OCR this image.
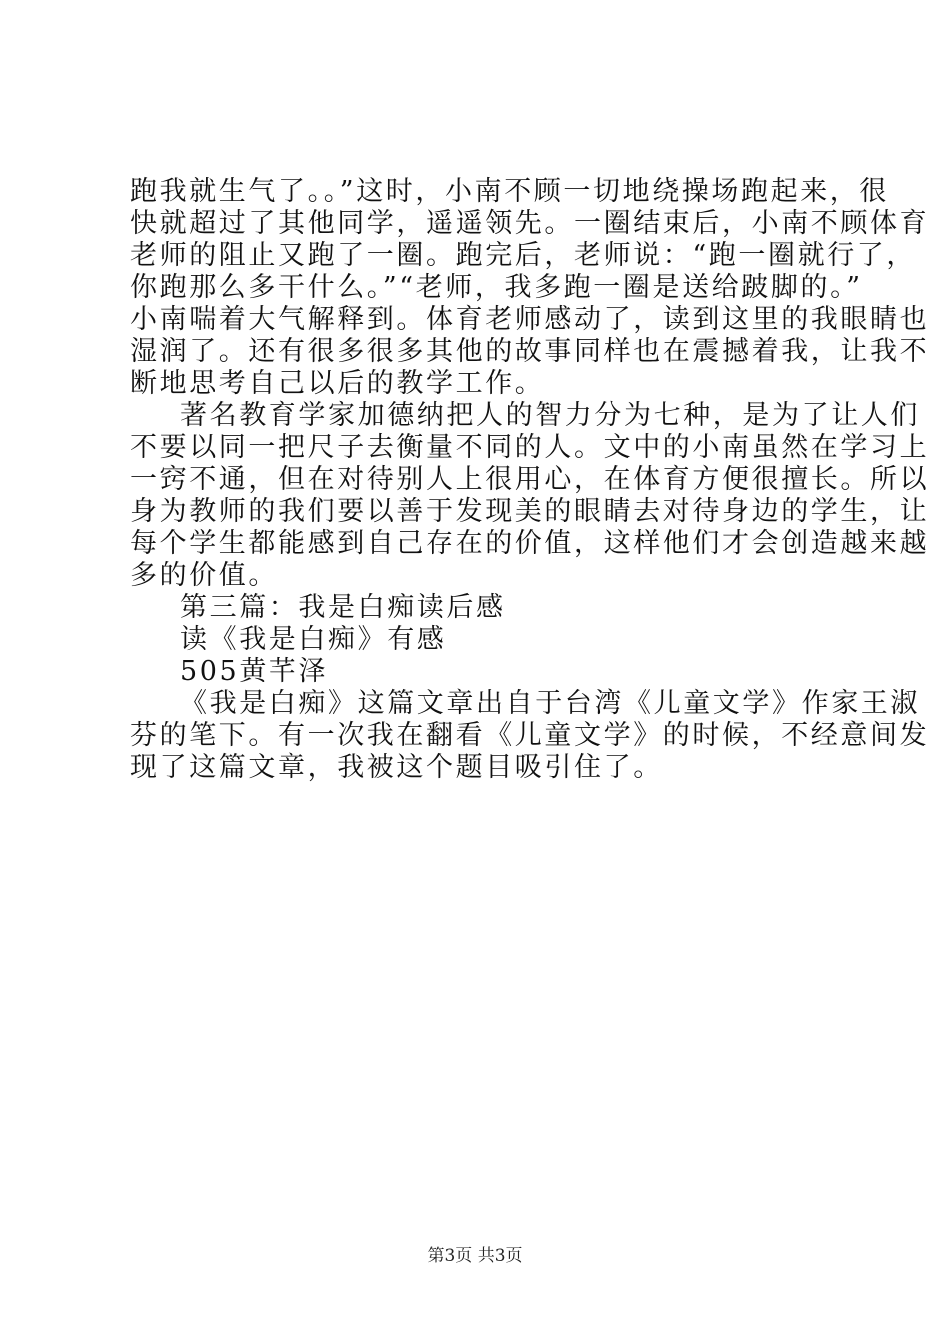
跑我就生气了。。”这时，小南不顾一切地绕操场跑起来，很
快就超过了其他同学，遥遥领先。一圈结束后，小南不顾体育
老师的阻止又跑了一圈。跑完后，老师说：“跑一圈就行了，
你跑那么多干什么。”“老师，我多跑一圈是送给跛脚的。”
小南喘着大气解释到。体育老师感动了，读到这里的我眼睛也
湿润了。还有很多很多其他的故事同样也在震撼着我，让我不
断地思考自己以后的教学工作。
著名教育学家加德纳把人的智力分为七种，是为了让人们
不要以同一把尺子去衡量不同的人。文中的小南虽然在学习上
一窍不通，但在对待别人上很用心，在体育方便很擅长。所以
身为教师的我们要以善于发现美的眼睛去对待身边的学生，让
每个学生都能感到自己存在的价值，这样他们才会创造越来越
多的价值。
第三篇：我是白痴读后感
读《我是白痴》有感
505黄芊泽
《我是白痴》这篇文章出自于台湾《儿童文学》作家王淑
芬的笔下。有一次我在翻看《儿童文学》的时候，不经意间发
现了这篇文章，我被这个题目吸引住了。
第3页 共3页
